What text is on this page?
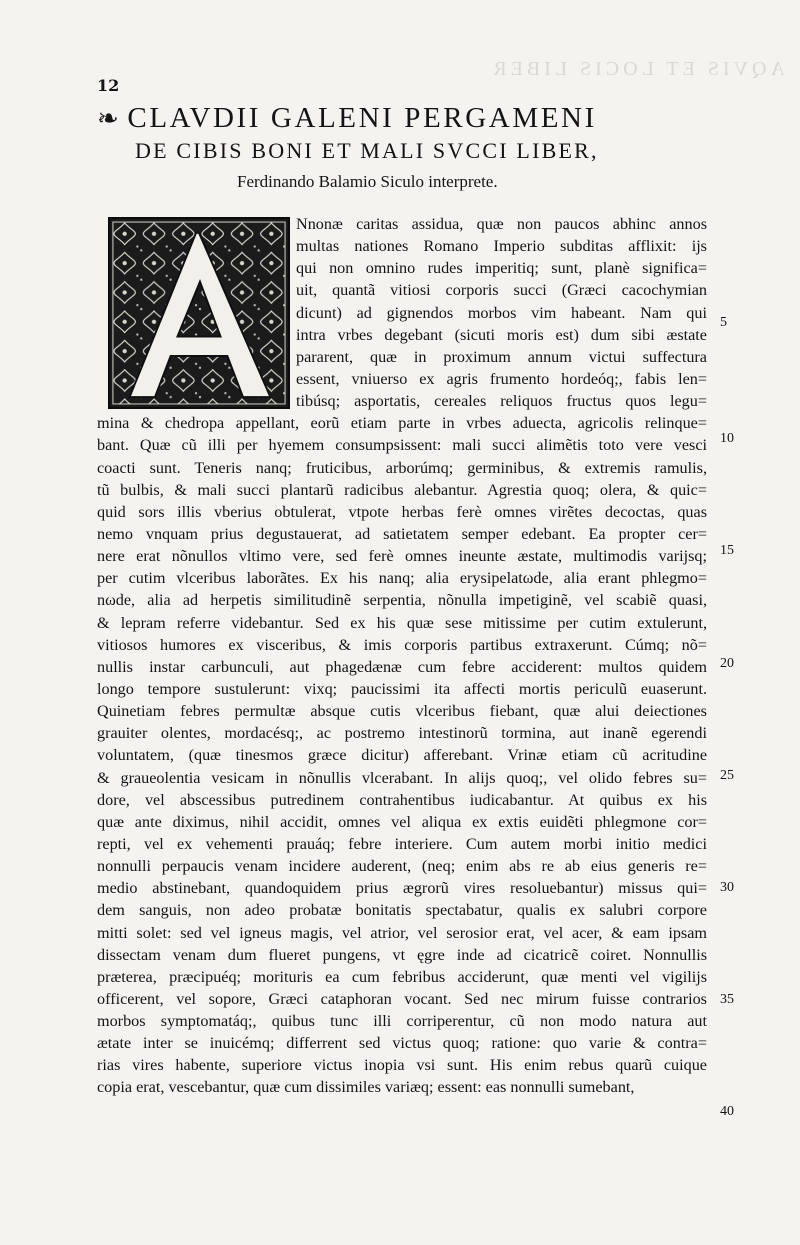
AQVIS ET LOCIS LIBER
12
❧ CLAVDII GALENI PERGAMENI
DE CIBIS BONI ET MALI SVCCI LIBER,
Ferdinando Balamio Siculo interprete.
Nnonæ caritas assidua, quæ non paucos abhinc annos
multas nationes Romano Imperio subditas afflixit: ijs
qui non omnino rudes imperitiq; sunt, planè significa=
uit, quantã vitiosi corporis succi (Græci cacochymian
dicunt) ad gignendos morbos vim habeant. Nam qui
intra vrbes degebant (sicuti moris est) dum sibi æstate
pararent, quæ in proximum annum victui suffectura
essent, vniuerso ex agris frumento hordeóq;, fabis len=
tibúsq; asportatis, cereales reliquos fructus quos legu=
mina & chedropa appellant, eorũ etiam parte in vrbes aduecta, agricolis relinque=
bant. Quæ cũ illi per hyemem consumpsissent: mali succi alimẽtis toto vere vesci
coacti sunt. Teneris nanq; fruticibus, arborúmq; germinibus, & extremis ramulis,
tũ bulbis, & mali succi plantarũ radicibus alebantur. Agrestia quoq; olera, & quic=
quid sors illis vberius obtulerat, vtpote herbas ferè omnes virẽtes decoctas, quas
nemo vnquam prius degustauerat, ad satietatem semper edebant. Ea propter cer=
nere erat nõnullos vltimo vere, sed ferè omnes ineunte æstate, multimodis varijsq;
per cutim vlceribus laborãtes. Ex his nanq; alia erysipelatωde, alia erant phlegmo=
nωde, alia ad herpetis similitudinẽ serpentia, nõnulla impetiginẽ, vel scabiẽ quasi,
& lepram referre videbantur. Sed ex his quæ sese mitissime per cutim extulerunt,
vitiosos humores ex visceribus, & imis corporis partibus extraxerunt. Cúmq; nõ=
nullis instar carbunculi, aut phagedænæ cum febre acciderent: multos quidem
longo tempore sustulerunt: vixq; paucissimi ita affecti mortis periculũ euaserunt.
Quinetiam febres permultæ absque cutis vlceribus fiebant, quæ alui deiectiones
grauiter olentes, mordacésq;, ac postremo intestinorũ tormina, aut inanẽ egerendi
voluntatem, (quæ tinesmos græce dicitur) afferebant. Vrinæ etiam cũ acritudine
& graueolentia vesicam in nõnullis vlcerabant. In alijs quoq;, vel olido febres su=
dore, vel abscessibus putredinem contrahentibus iudicabantur. At quibus ex his
quæ ante diximus, nihil accidit, omnes vel aliqua ex extis euidẽti phlegmone cor=
repti, vel ex vehementi prauáq; febre interiere. Cum autem morbi initio medici
nonnulli perpaucis venam incidere auderent, (neq; enim abs re ab eius generis re=
medio abstinebant, quandoquidem prius ægrorũ vires resoluebantur) missus qui=
dem sanguis, non adeo probatæ bonitatis spectabatur, qualis ex salubri corpore
mitti solet: sed vel igneus magis, vel atrior, vel serosior erat, vel acer, & eam ipsam
dissectam venam dum flueret pungens, vt ęgre inde ad cicatricẽ coiret. Nonnullis
præterea, præcipuéq; morituris ea cum febribus acciderunt, quæ menti vel vigilijs
officerent, vel sopore, Græci cataphoran vocant. Sed nec mirum fuisse contrarios
morbos symptomatáq;, quibus tunc illi corriperentur, cũ non modo natura aut
ætate inter se inuicémq; differrent sed victus quoq; ratione: quo varie & contra=
rias vires habente, superiore victus inopia vsi sunt. His enim rebus quarũ cuique
copia erat, vescebantur, quæ cum dissimiles variæq; essent: eas nonnulli sumebant,
5
10
15
20
25
30
35
40
